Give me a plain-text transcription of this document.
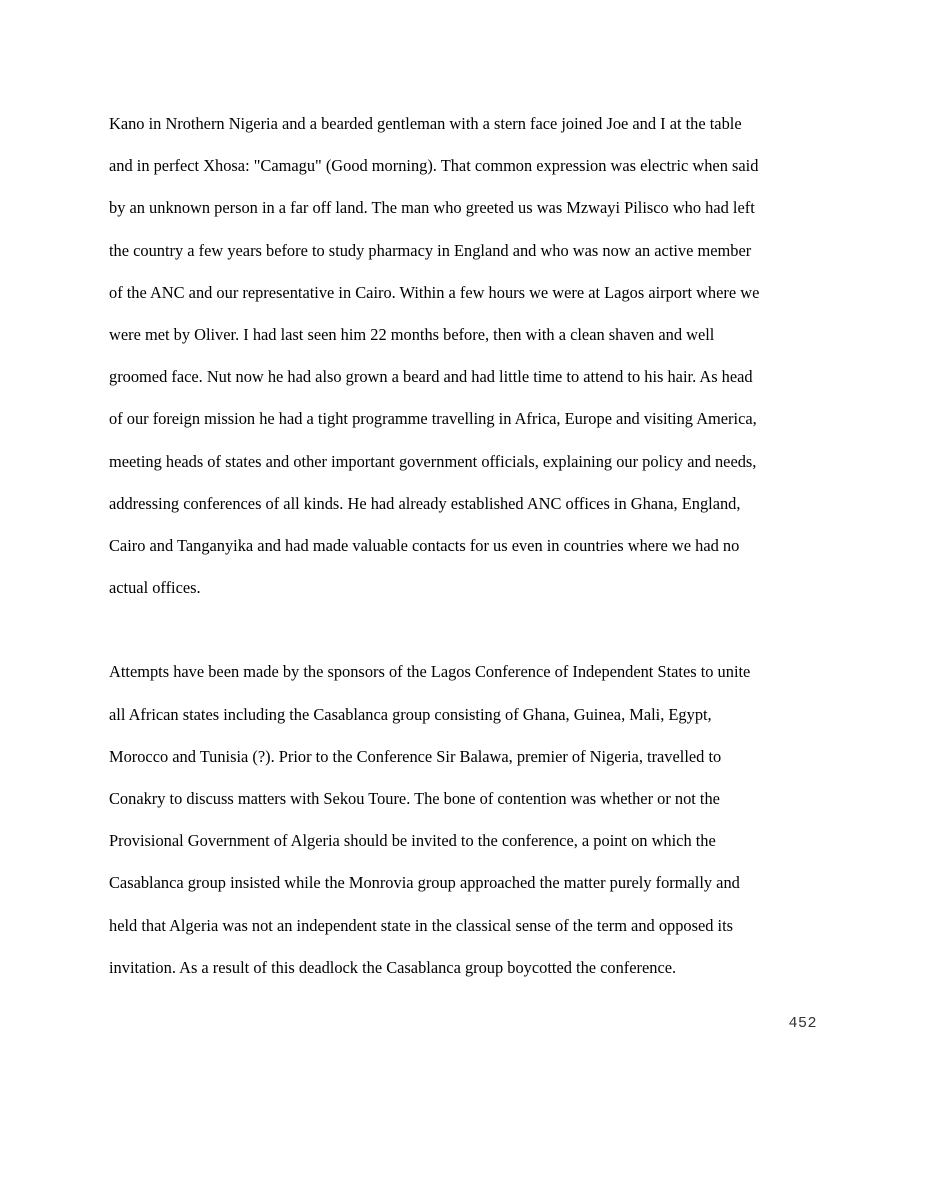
Kano in Nrothern Nigeria and a bearded gentleman with a stern face joined Joe and I at the table

and in perfect Xhosa: "Camagu" (Good morning). That common expression was electric when said

by an unknown person in a far off land. The man who greeted us was Mzwayi Pilisco who had left

the country a few years before to study pharmacy in England and who was now an active member

of the ANC and our representative in Cairo. Within a few hours we were at Lagos airport where we

were met by Oliver. I had last seen him 22 months before, then with a clean shaven and well

groomed face. Nut now he had also grown a beard and had little time to attend to his hair. As head

of our foreign mission he had a tight programme travelling in Africa, Europe and visiting America,

meeting heads of states and other important government officials, explaining our policy and needs,

addressing conferences of all kinds. He had already established ANC offices in Ghana, England,

Cairo and Tanganyika and had made valuable contacts for us even in countries where we had no

actual offices.

Attempts have been made by the sponsors of the Lagos Conference of Independent States to unite

all African states including the Casablanca group consisting of Ghana, Guinea, Mali, Egypt,

Morocco and Tunisia (?). Prior to the Conference Sir Balawa, premier of Nigeria, travelled to

Conakry to discuss matters with Sekou Toure. The bone of contention was whether or not the

Provisional Government of Algeria should be invited to the conference, a point on which the

Casablanca group insisted while the Monrovia group approached the matter purely formally and

held that Algeria was not an independent state in the classical sense of the term and opposed its

invitation. As a result of this deadlock the Casablanca group boycotted the conference.

452
